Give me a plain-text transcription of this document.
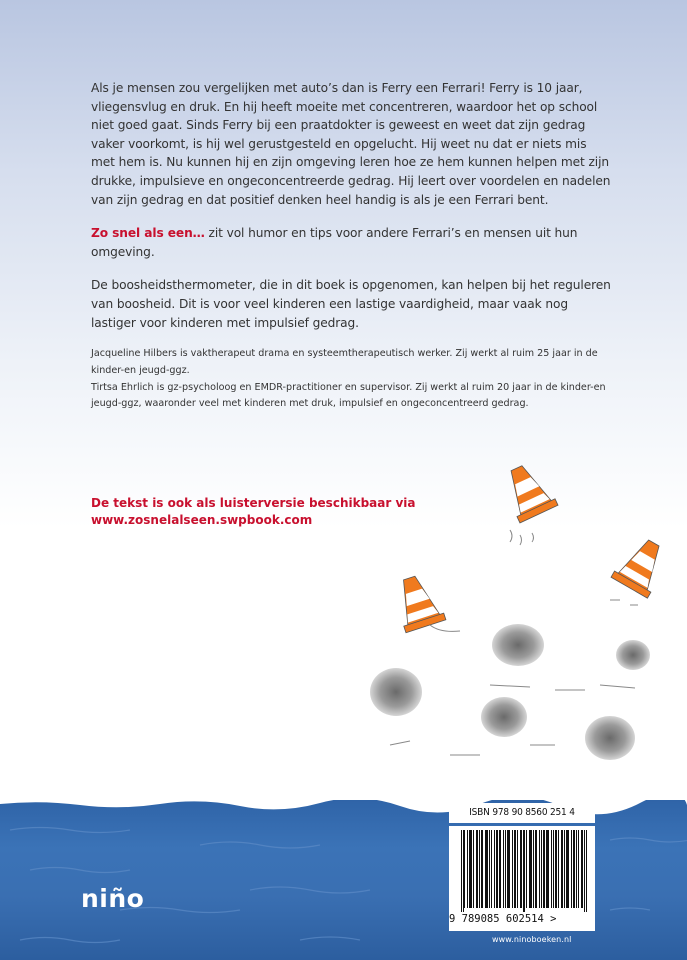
Als je mensen zou vergelijken met auto’s dan is Ferry een Ferrari! Ferry is 10 jaar, vliegensvlug en druk. En hij heeft moeite met concentreren, waardoor het op school niet goed gaat. Sinds Ferry bij een praatdokter is geweest en weet dat zijn gedrag vaker voorkomt, is hij wel gerustgesteld en opgelucht. Hij weet nu dat er niets mis met hem is. Nu kunnen hij en zijn omgeving leren hoe ze hem kunnen helpen met zijn drukke, impulsieve en ongeconcentreerde gedrag. Hij leert over voordelen en nadelen van zijn gedrag en dat positief denken heel handig is als je een Ferrari bent.

Zo snel als een… zit vol humor en tips voor andere Ferrari’s en mensen uit hun omgeving.

De boosheidsthermometer, die in dit boek is opgenomen, kan helpen bij het reguleren van boosheid. Dit is voor veel kinderen een lastige vaardigheid, maar vaak nog lastiger voor kinderen met impulsief gedrag.

Jacqueline Hilbers is vaktherapeut drama en systeemtherapeutisch werker. Zij werkt al ruim 25 jaar in de kinder-en jeugd-ggz.

Tirtsa Ehrlich is gz-psycholoog en EMDR-practitioner en supervisor. Zij werkt al ruim 20 jaar in de kinder-en jeugd-ggz, waaronder veel met kinderen met druk, impulsief en ongeconcentreerd gedrag.

De tekst is ook als luisterversie beschikbaar via
www.zosnelalseen.swpbook.com
niño
ISBN 978 90 8560 251 4
9 789085 602514 >
www.ninoboeken.nl
